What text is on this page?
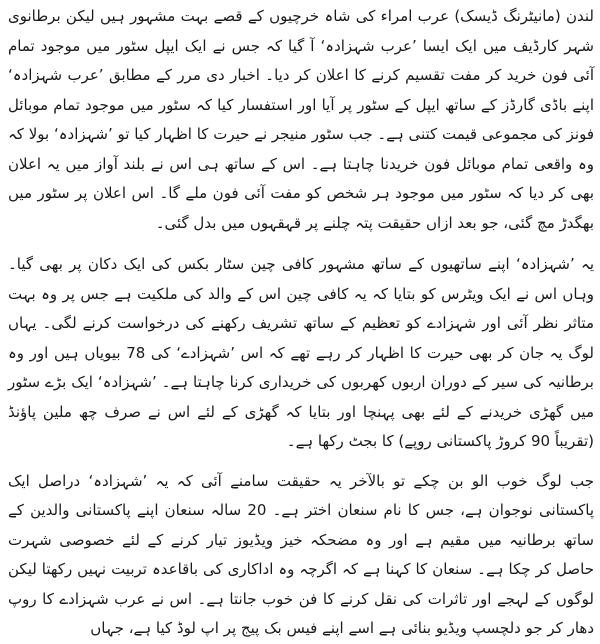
لندن (مانیٹرنگ ڈیسک) عرب امراء کی شاہ خرچیوں کے قصے بہت مشہور ہیں لیکن برطانوی شہر کارڈیف میں ایک ایسا ’عرب شہزادہ‘ آ گیا کہ جس نے ایک ایپل سٹور میں موجود تمام آئی فون خرید کر مفت تقسیم کرنے کا اعلان کر دیا۔ اخبار دی مرر کے مطابق ’عرب شہزادہ‘ اپنے باڈی گارڈز کے ساتھ ایپل کے سٹور پر آیا اور استفسار کیا کہ سٹور میں موجود تمام موبائل فونز کی مجموعی قیمت کتنی ہے۔ جب سٹور منیجر نے حیرت کا اظہار کیا تو ’شہزادہ‘ بولا کہ وہ واقعی تمام موبائل فون خریدنا چاہتا ہے۔ اس کے ساتھ ہی اس نے بلند آواز میں یہ اعلان بھی کر دیا کہ سٹور میں موجود ہر شخص کو مفت آئی فون ملے گا۔ اس اعلان پر سٹور میں بھگدڑ مچ گئی، جو بعد ازاں حقیقت پتہ چلنے پر قہقہوں میں بدل گئی۔

یہ ’شہزادہ‘ اپنے ساتھیوں کے ساتھ مشہور کافی چین سٹار بکس کی ایک دکان پر بھی گیا۔ وہاں اس نے ایک ویٹرس کو بتایا کہ یہ کافی چین اس کے والد کی ملکیت ہے جس پر وہ بہت متاثر نظر آئی اور شہزادے کو تعظیم کے ساتھ تشریف رکھنے کی درخواست کرنے لگی۔ یہاں لوگ یہ جان کر بھی حیرت کا اظہار کر رہے تھے کہ اس ’شہزادے‘ کی 78 بیویاں ہیں اور وہ برطانیہ کی سیر کے دوران اربوں کھربوں کی خریداری کرنا چاہتا ہے۔ ’شہزادہ‘ ایک بڑے سٹور میں گھڑی خریدنے کے لئے بھی پہنچا اور بتایا کہ گھڑی کے لئے اس نے صرف چھ ملین پاؤنڈ (تقریباً 90 کروڑ پاکستانی روپے) کا بجٹ رکھا ہے۔

جب لوگ خوب الو بن چکے تو بالآخر یہ حقیقت سامنے آئی کہ یہ ’شہزادہ‘ دراصل ایک پاکستانی نوجوان ہے، جس کا نام سنعان اختر ہے۔ 20 سالہ سنعان اپنے پاکستانی والدین کے ساتھ برطانیہ میں مقیم ہے اور وہ مضحکہ خیز ویڈیوز تیار کرنے کے لئے خصوصی شہرت حاصل کر چکا ہے۔ سنعان کا کہنا ہے کہ اگرچہ وہ اداکاری کی باقاعدہ تربیت نہیں رکھتا لیکن لوگوں کے لہجے اور تاثرات کی نقل کرنے کا فن خوب جانتا ہے۔ اس نے عرب شہزادے کا روپ دھار کر جو دلچسپ ویڈیو بنائی ہے اسے اپنے فیس بک پیج پر اپ لوڈ کیا ہے، جہاں
